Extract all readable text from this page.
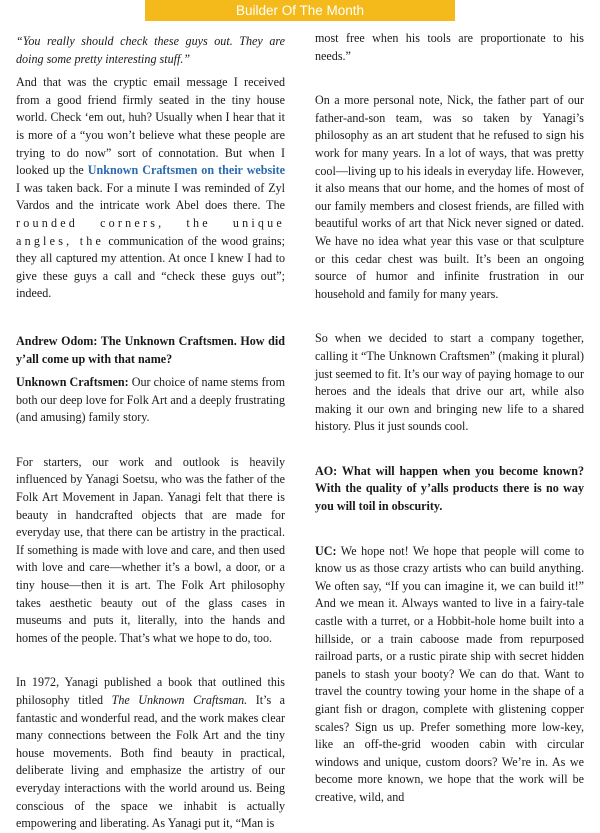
Builder Of The Month

“You really should check these guys out. They are doing some pretty interesting stuff.”

And that was the cryptic email message I received from a good friend firmly seated in the tiny house world. Check ‘em out, huh? Usually when I hear that it is more of a “you won’t believe what these people are trying to do now” sort of connotation. But when I looked up the Unknown Craftsmen on their website I was taken back. For a minute I was reminded of Zyl Vardos and the intricate work Abel does there. The rounded corners, the unique angles, the communication of the wood grains; they all captured my attention. At once I knew I had to give these guys a call and “check these guys out”; indeed.

Andrew Odom: The Unknown Craftsmen. How did y’all come up with that name?

Unknown Craftsmen: Our choice of name stems from both our deep love for Folk Art and a deeply frustrating (and amusing) family story.

For starters, our work and outlook is heavily influenced by Yanagi Soetsu, who was the father of the Folk Art Movement in Japan. Yanagi felt that there is beauty in handcrafted objects that are made for everyday use, that there can be artistry in the practical. If something is made with love and care, and then used with love and care—whether it’s a bowl, a door, or a tiny house—then it is art. The Folk Art philosophy takes aesthetic beauty out of the glass cases in museums and puts it, literally, into the hands and homes of the people. That’s what we hope to do, too.

In 1972, Yanagi published a book that outlined this philosophy titled The Unknown Craftsman. It’s a fantastic and wonderful read, and the work makes clear many connections between the Folk Art and the tiny house movements. Both find beauty in practical, deliberate living and emphasize the artistry of our everyday interactions with the world around us. Being conscious of the space we inhabit is actually empowering and liberating. As Yanagi put it, “Man is

most free when his tools are proportionate to his needs.”

On a more personal note, Nick, the father part of our father-and-son team, was so taken by Yanagi’s philosophy as an art student that he refused to sign his work for many years. In a lot of ways, that was pretty cool—living up to his ideals in everyday life. However, it also means that our home, and the homes of most of our family members and closest friends, are filled with beautiful works of art that Nick never signed or dated. We have no idea what year this vase or that sculpture or this cedar chest was built. It’s been an ongoing source of humor and infinite frustration in our household and family for many years.

So when we decided to start a company together, calling it “The Unknown Craftsmen” (making it plural) just seemed to fit. It’s our way of paying homage to our heroes and the ideals that drive our art, while also making it our own and bringing new life to a shared history. Plus it just sounds cool.

AO: What will happen when you become known? With the quality of y’alls products there is no way you will toil in obscurity.

UC: We hope not! We hope that people will come to know us as those crazy artists who can build anything. We often say, “If you can imagine it, we can build it!” And we mean it. Always wanted to live in a fairy-tale castle with a turret, or a Hobbit-hole home built into a hillside, or a train caboose made from repurposed railroad parts, or a rustic pirate ship with secret hidden panels to stash your booty? We can do that. Want to travel the country towing your home in the shape of a giant fish or dragon, complete with glistening copper scales? Sign us up. Prefer something more low-key, like an off-the-grid wooden cabin with circular windows and unique, custom doors? We’re in. As we become more known, we hope that the work will be creative, wild, and
